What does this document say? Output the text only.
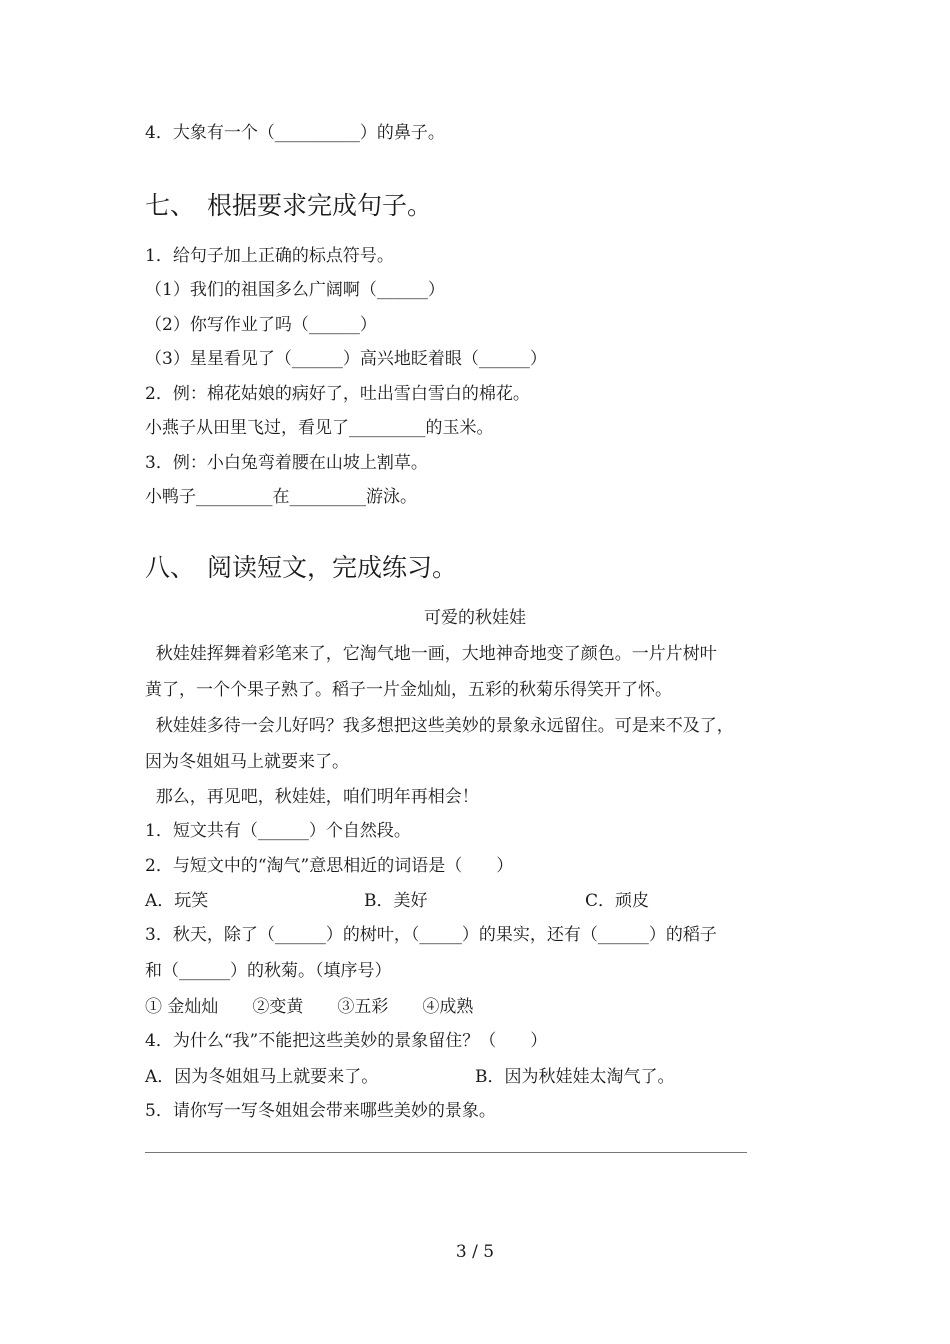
4．大象有一个（__________）的鼻子。
七、 根据要求完成句子。
1．给句子加上正确的标点符号。
（1）我们的祖国多么广阔啊（______）
（2）你写作业了吗（______）
（3）星星看见了（______）高兴地眨着眼（______）
2．例：棉花姑娘的病好了，吐出雪白雪白的棉花。
小燕子从田里飞过，看见了_________的玉米。
3．例：小白兔弯着腰在山坡上割草。
小鸭子_________在_________游泳。
八、 阅读短文，完成练习。
可爱的秋娃娃
秋娃娃挥舞着彩笔来了，它淘气地一画，大地神奇地变了颜色。一片片树叶
黄了，一个个果子熟了。稻子一片金灿灿，五彩的秋菊乐得笑开了怀。
秋娃娃多待一会儿好吗？我多想把这些美妙的景象永远留住。可是来不及了，
因为冬姐姐马上就要来了。
那么，再见吧，秋娃娃，咱们明年再相会！
1．短文共有（______）个自然段。
2．与短文中的“淘气”意思相近的词语是（　　）
A．玩笑	B．美好	C．顽皮
3．秋天，除了（______）的树叶，（_____）的果实，还有（______）的稻子
和（______）的秋菊。（填序号）
① 金灿灿　　②变黄　　③五彩　　④成熟
4．为什么“我”不能把这些美妙的景象留住？（　　）
A．因为冬姐姐马上就要来了。	B．因为秋娃娃太淘气了。
5．请你写一写冬姐姐会带来哪些美妙的景象。
3 / 5
